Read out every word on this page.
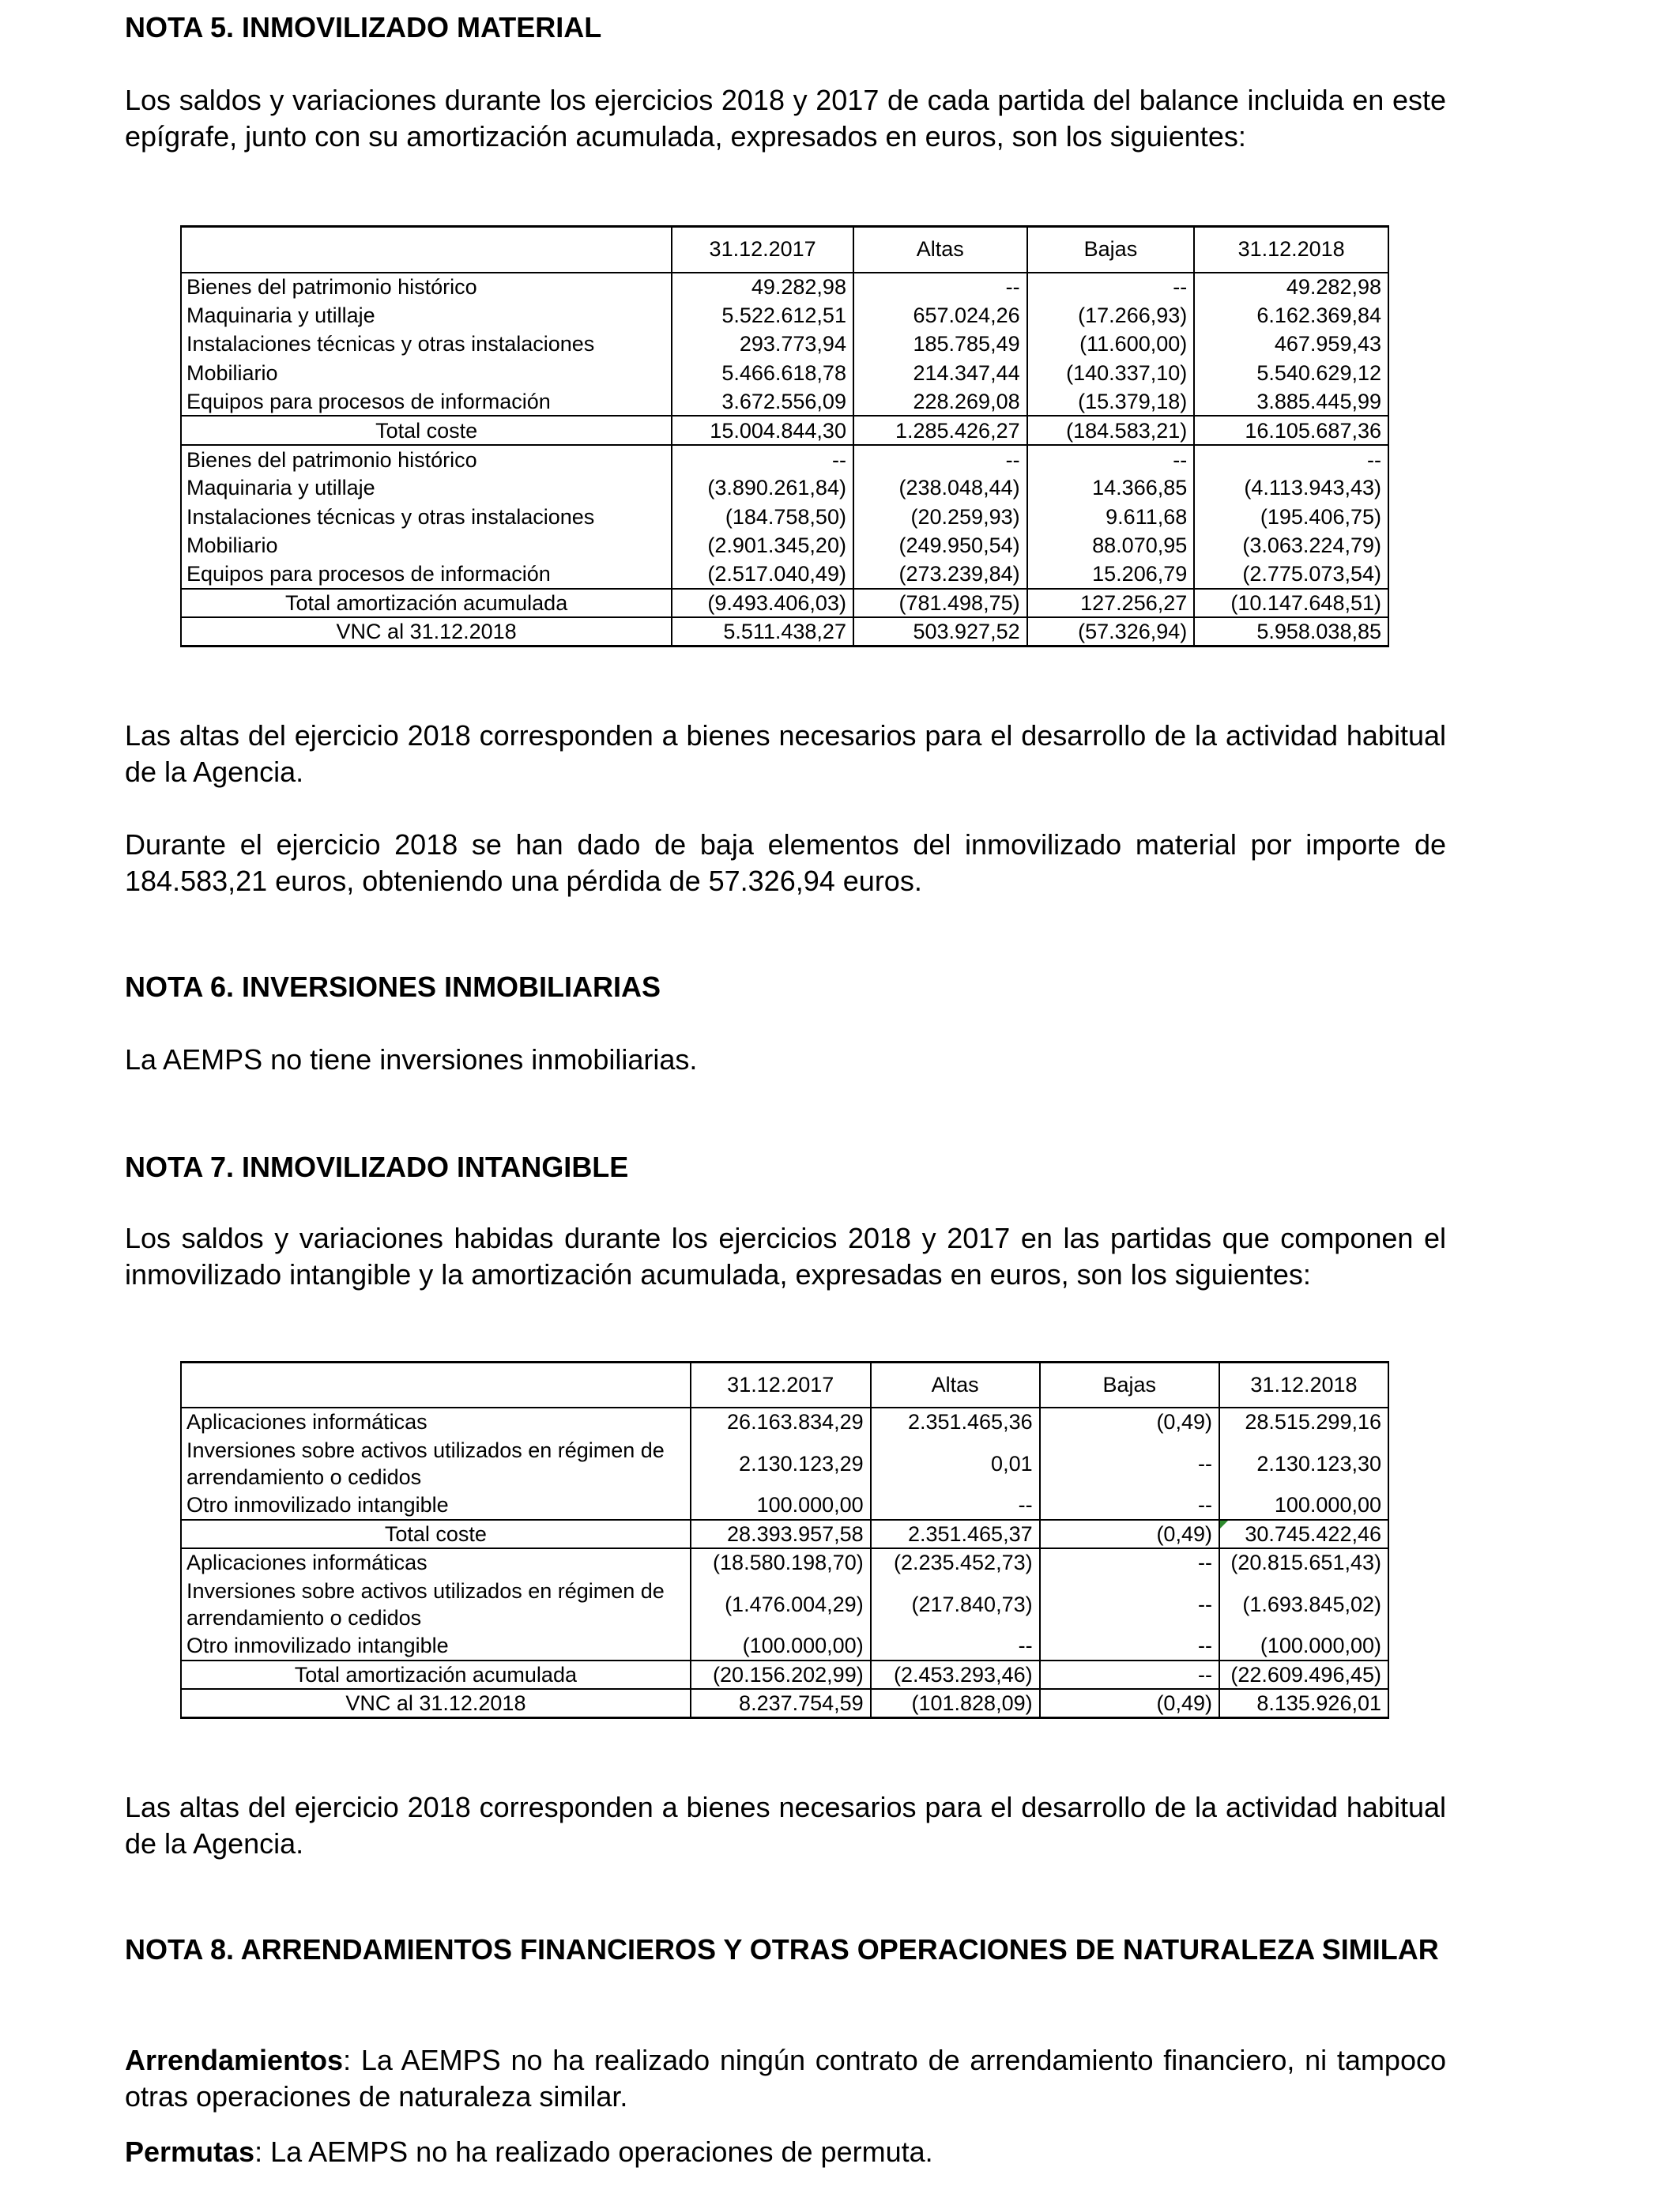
NOTA 5. INMOVILIZADO MATERIAL

Los saldos y variaciones durante los ejercicios 2018 y 2017 de cada partida del balance incluida en este epígrafe, junto con su amortización acumulada, expresados en euros, son los siguientes:

	31.12.2017	Altas	Bajas	31.12.2018
Bienes del patrimonio histórico	49.282,98	--	--	49.282,98
Maquinaria y utillaje	5.522.612,51	657.024,26	(17.266,93)	6.162.369,84
Instalaciones técnicas y otras instalaciones	293.773,94	185.785,49	(11.600,00)	467.959,43
Mobiliario	5.466.618,78	214.347,44	(140.337,10)	5.540.629,12
Equipos para procesos de información	3.672.556,09	228.269,08	(15.379,18)	3.885.445,99
Total coste	15.004.844,30	1.285.426,27	(184.583,21)	16.105.687,36
Bienes del patrimonio histórico	--	--	--	--
Maquinaria y utillaje	(3.890.261,84)	(238.048,44)	14.366,85	(4.113.943,43)
Instalaciones técnicas y otras instalaciones	(184.758,50)	(20.259,93)	9.611,68	(195.406,75)
Mobiliario	(2.901.345,20)	(249.950,54)	88.070,95	(3.063.224,79)
Equipos para procesos de información	(2.517.040,49)	(273.239,84)	15.206,79	(2.775.073,54)
Total amortización acumulada	(9.493.406,03)	(781.498,75)	127.256,27	(10.147.648,51)
VNC al 31.12.2018	5.511.438,27	503.927,52	(57.326,94)	5.958.038,85

Las altas del ejercicio 2018 corresponden a bienes necesarios para el desarrollo de la actividad habitual de la Agencia.

Durante el ejercicio 2018 se han dado de baja elementos del inmovilizado material por importe de 184.583,21 euros, obteniendo una pérdida de 57.326,94 euros.

NOTA 6. INVERSIONES INMOBILIARIAS

La AEMPS no tiene inversiones inmobiliarias.

NOTA 7. INMOVILIZADO INTANGIBLE

Los saldos y variaciones habidas durante los ejercicios 2018 y 2017 en las partidas que componen el inmovilizado intangible y la amortización acumulada, expresadas en euros, son los siguientes:

	31.12.2017	Altas	Bajas	31.12.2018
Aplicaciones informáticas	26.163.834,29	2.351.465,36	(0,49)	28.515.299,16
Inversiones sobre activos utilizados en régimen de arrendamiento o cedidos	2.130.123,29	0,01	--	2.130.123,30
Otro inmovilizado intangible	100.000,00	--	--	100.000,00
Total coste	28.393.957,58	2.351.465,37	(0,49)	30.745.422,46
Aplicaciones informáticas	(18.580.198,70)	(2.235.452,73)	--	(20.815.651,43)
Inversiones sobre activos utilizados en régimen de arrendamiento o cedidos	(1.476.004,29)	(217.840,73)	--	(1.693.845,02)
Otro inmovilizado intangible	(100.000,00)	--	--	(100.000,00)
Total amortización acumulada	(20.156.202,99)	(2.453.293,46)	--	(22.609.496,45)
VNC al 31.12.2018	8.237.754,59	(101.828,09)	(0,49)	8.135.926,01

Las altas del ejercicio 2018 corresponden a bienes necesarios para el desarrollo de la actividad habitual de la Agencia.

NOTA 8. ARRENDAMIENTOS FINANCIEROS Y OTRAS OPERACIONES DE NATURALEZA SIMILAR

Arrendamientos: La AEMPS no ha realizado ningún contrato de arrendamiento financiero, ni tampoco otras operaciones de naturaleza similar.

Permutas: La AEMPS no ha realizado operaciones de permuta.
